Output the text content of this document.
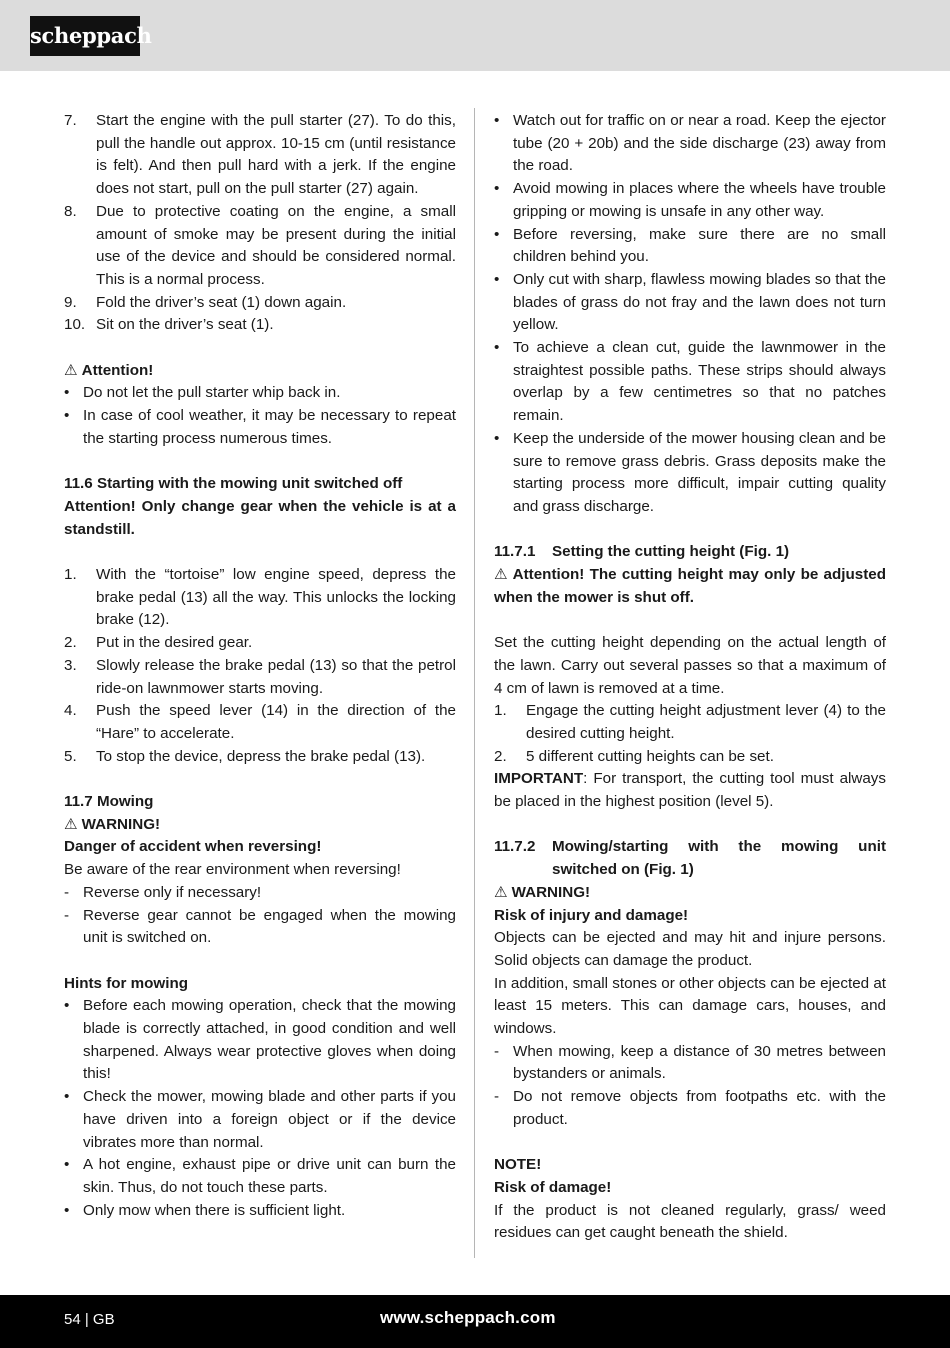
scheppach
7. Start the engine with the pull starter (27). To do this, pull the handle out approx. 10-15 cm (until resistance is felt). And then pull hard with a jerk. If the engine does not start, pull on the pull starter (27) again.
8. Due to protective coating on the engine, a small amount of smoke may be present during the initial use of the device and should be considered normal. This is a normal process.
9. Fold the driver’s seat (1) down again.
10. Sit on the driver’s seat (1).

⚠ Attention!

• Do not let the pull starter whip back in.
• In case of cool weather, it may be necessary to repeat the starting process numerous times.

11.6 Starting with the mowing unit switched off

Attention! Only change gear when the vehicle is at a standstill.

1. With the “tortoise” low engine speed, depress the brake pedal (13) all the way. This unlocks the locking brake (12).
2. Put in the desired gear.
3. Slowly release the brake pedal (13) so that the petrol ride-on lawnmower starts moving.
4. Push the speed lever (14) in the direction of the “Hare” to accelerate.
5. To stop the device, depress the brake pedal (13).

11.7 Mowing

⚠ WARNING!

Danger of accident when reversing!

Be aware of the rear environment when reversing!

- Reverse only if necessary!
- Reverse gear cannot be engaged when the mowing unit is switched on.

Hints for mowing

• Before each mowing operation, check that the mowing blade is correctly attached, in good condition and well sharpened. Always wear protective gloves when doing this!
• Check the mower, mowing blade and other parts if you have driven into a foreign object or if the device vibrates more than normal.
• A hot engine, exhaust pipe or drive unit can burn the skin. Thus, do not touch these parts.
• Only mow when there is sufficient light.
• Watch out for traffic on or near a road. Keep the ejector tube (20 + 20b) and the side discharge (23) away from the road.
• Avoid mowing in places where the wheels have trouble gripping or mowing is unsafe in any other way.
• Before reversing, make sure there are no small children behind you.
• Only cut with sharp, flawless mowing blades so that the blades of grass do not fray and the lawn does not turn yellow.
• To achieve a clean cut, guide the lawnmower in the straightest possible paths. These strips should always overlap by a few centimetres so that no patches remain.
• Keep the underside of the mower housing clean and be sure to remove grass debris. Grass deposits make the starting process more difficult, impair cutting quality and grass discharge.
11.7.1 Setting the cutting height (Fig. 1)

⚠ Attention! The cutting height may only be adjusted when the mower is shut off.

Set the cutting height depending on the actual length of the lawn. Carry out several passes so that a maximum of 4 cm of lawn is removed at a time.

1. Engage the cutting height adjustment lever (4) to the desired cutting height.
2. 5 different cutting heights can be set.

IMPORTANT: For transport, the cutting tool must always be placed in the highest position (level 5).

11.7.2 Mowing/starting with the mowing unit switched on (Fig. 1)

⚠ WARNING!

Risk of injury and damage!

Objects can be ejected and may hit and injure persons. Solid objects can damage the product.

In addition, small stones or other objects can be ejected at least 15 meters. This can damage cars, houses, and windows.

- When mowing, keep a distance of 30 metres between bystanders or animals.
- Do not remove objects from footpaths etc. with the product.

NOTE!

Risk of damage!

If the product is not cleaned regularly, grass/ weed residues can get caught beneath the shield.

54 | GB	www.scheppach.com
